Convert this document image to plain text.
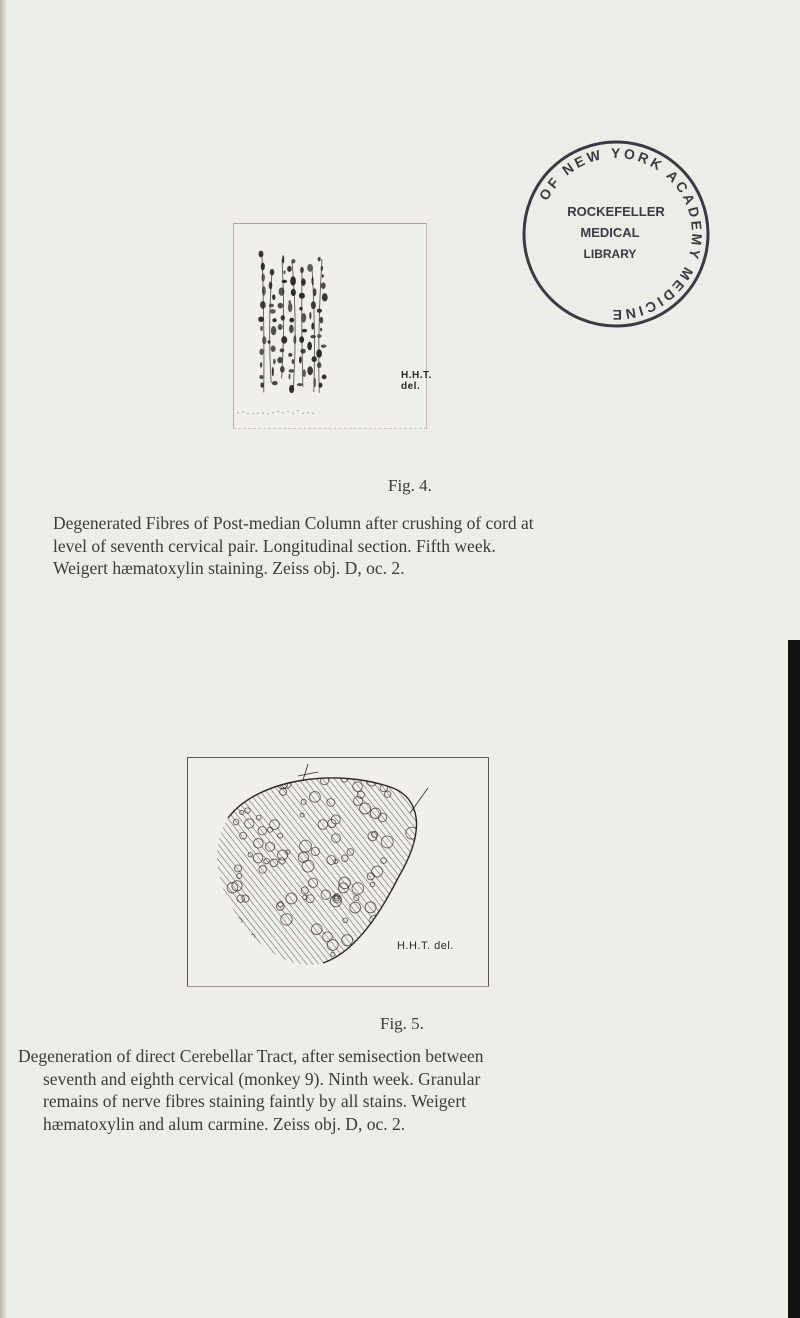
H.H.T. del.
OF NEW YORK ACADEMY MEDICINE
ROCKEFELLER
MEDICAL
LIBRARY
Fig. 4.

Degenerated Fibres of Post-median Column after crushing of cord at
level of seventh cervical pair. Longitudinal section. Fifth week.
Weigert hæmatoxylin staining. Zeiss obj. D, oc. 2.

H.H.T. del.
Fig. 5.

Degeneration of direct Cerebellar Tract, after semisection between
seventh and eighth cervical (monkey 9). Ninth week. Granular
remains of nerve fibres staining faintly by all stains. Weigert
hæmatoxylin and alum carmine. Zeiss obj. D, oc. 2.
